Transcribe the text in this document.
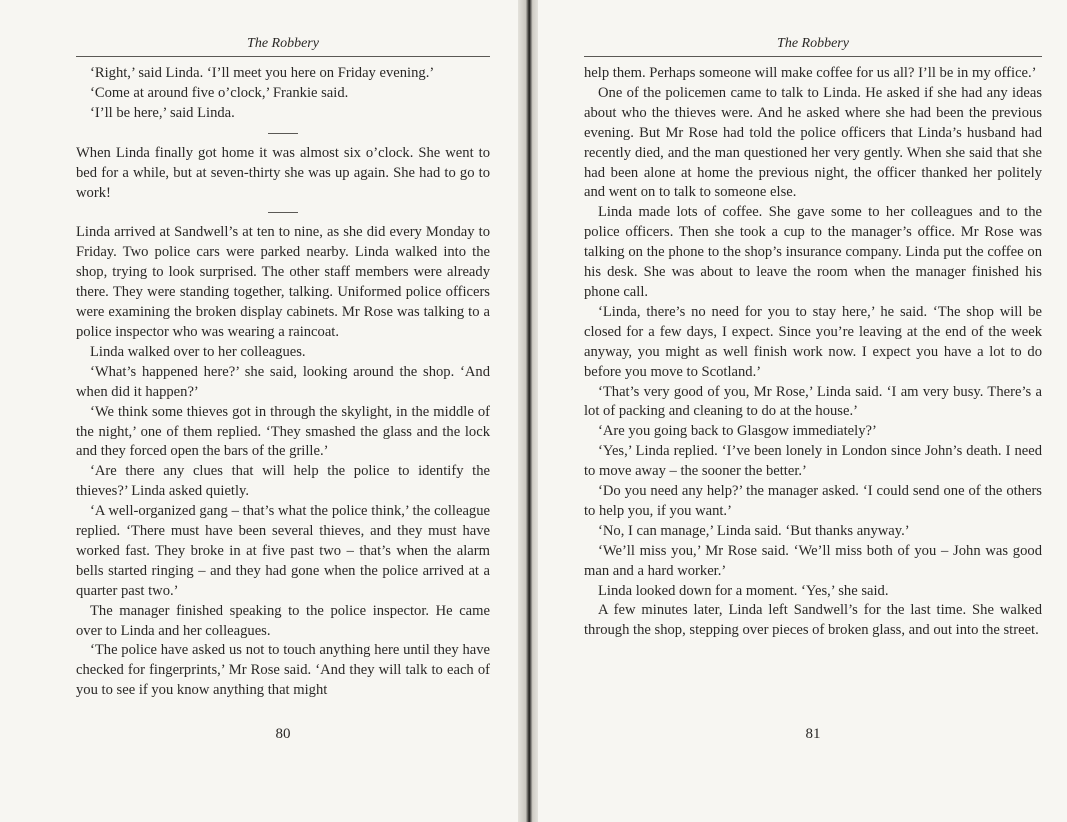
The Robbery

‘Right,’ said Linda. ‘I’ll meet you here on Friday evening.’

‘Come at around five o’clock,’ Frankie said.

‘I’ll be here,’ said Linda.

When Linda finally got home it was almost six o’clock. She went to bed for a while, but at seven-thirty she was up again. She had to go to work!

Linda arrived at Sandwell’s at ten to nine, as she did every Monday to Friday. Two police cars were parked nearby. Linda walked into the shop, trying to look surprised. The other staff members were already there. They were standing together, talking. Uniformed police officers were examining the broken display cabinets. Mr Rose was talking to a police inspector who was wearing a raincoat.

Linda walked over to her colleagues.

‘What’s happened here?’ she said, looking around the shop. ‘And when did it happen?’

‘We think some thieves got in through the skylight, in the middle of the night,’ one of them replied. ‘They smashed the glass and the lock and they forced open the bars of the grille.’

‘Are there any clues that will help the police to identify the thieves?’ Linda asked quietly.

‘A well-organized gang – that’s what the police think,’ the colleague replied. ‘There must have been several thieves, and they must have worked fast. They broke in at five past two – that’s when the alarm bells started ringing – and they had gone when the police arrived at a quarter past two.’

The manager finished speaking to the police inspector. He came over to Linda and her colleagues.

‘The police have asked us not to touch anything here until they have checked for fingerprints,’ Mr Rose said. ‘And they will talk to each of you to see if you know anything that might

80
The Robbery

help them. Perhaps someone will make coffee for us all? I’ll be in my office.’

One of the policemen came to talk to Linda. He asked if she had any ideas about who the thieves were. And he asked where she had been the previous evening. But Mr Rose had told the police officers that Linda’s husband had recently died, and the man questioned her very gently. When she said that she had been alone at home the previous night, the officer thanked her politely and went on to talk to someone else.

Linda made lots of coffee. She gave some to her colleagues and to the police officers. Then she took a cup to the manager’s office. Mr Rose was talking on the phone to the shop’s insurance company. Linda put the coffee on his desk. She was about to leave the room when the manager finished his phone call.

‘Linda, there’s no need for you to stay here,’ he said. ‘The shop will be closed for a few days, I expect. Since you’re leaving at the end of the week anyway, you might as well finish work now. I expect you have a lot to do before you move to Scotland.’

‘That’s very good of you, Mr Rose,’ Linda said. ‘I am very busy. There’s a lot of packing and cleaning to do at the house.’

‘Are you going back to Glasgow immediately?’

‘Yes,’ Linda replied. ‘I’ve been lonely in London since John’s death. I need to move away – the sooner the better.’

‘Do you need any help?’ the manager asked. ‘I could send one of the others to help you, if you want.’

‘No, I can manage,’ Linda said. ‘But thanks anyway.’

‘We’ll miss you,’ Mr Rose said. ‘We’ll miss both of you – John was good man and a hard worker.’

Linda looked down for a moment. ‘Yes,’ she said.

A few minutes later, Linda left Sandwell’s for the last time. She walked through the shop, stepping over pieces of broken glass, and out into the street.

81
